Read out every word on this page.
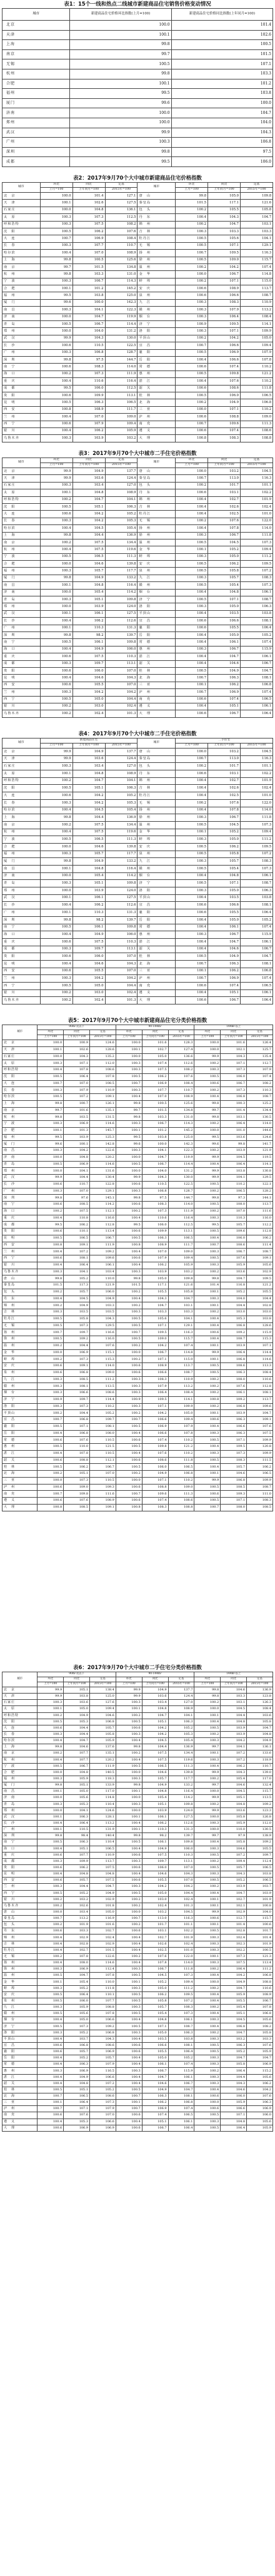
表1：15个一线和热点二线城市新建商品住宅销售价格变动情况
城市	新建商品住宅价格环比指数(上月=100)	新建商品住宅价格同比指数(上年同月=100)
北京	100.0	101.4
天津	100.1	102.6
上海	99.8	100.5
南京	99.7	101.5
无锡	100.5	107.1
杭州	99.8	103.3
合肥	100.1	101.2
福州	99.5	103.8
厦门	99.6	100.0
济南	100.0	104.7
郑州	100.0	104.0
武汉	99.9	104.3
广州	100.3	106.8
深圳	99.8	97.5
成都	99.5	106.0
表2：2017年9月70个大中城市新建商品住宅价格指数
城市	环比	同比	定基	城市	环比	同比	定基
	上月=100	上年同月=100	2015年=100		上月=100	上年同月=100	2015年=100
北　京	100.0	101.4	127.1	唐　山	99.8	105.0	109.8
天　津	100.1	102.6	127.5	秦皇岛	101.5	117.1	121.6
石家庄	100.0	104.8	136.1	包　头	100.2	105.5	105.8
太　原	100.3	107.3	112.5	丹　东	100.4	104.3	104.7
呼和浩特	100.3	107.5	108.2	锦　州	100.2	104.7	103.1
沈　阳	100.5	106.2	107.6	吉　林	100.3	103.3	103.3
大　连	100.7	106.9	108.4	牡丹江	100.5	105.6	104.1
长　春	100.3	107.7	110.7	无　锡	100.5	107.1	129.1
哈尔滨	100.4	107.0	108.9	扬　州	100.7	109.5	116.3
上　海	99.8	100.5	125.6	徐　州	100.5	109.0	115.7
南　京	99.7	101.5	134.8	温　州	100.2	104.2	107.4
杭　州	99.8	103.3	131.0	金　华	100.0	106.7	114.8
宁　波	100.3	106.7	114.3	蚌　埠	100.2	107.1	115.0
合　肥	100.1	101.2	145.2	安　庆	100.6	108.9	113.7
福　州	99.5	103.8	125.0	泉　州	100.6	106.6	108.7
厦　门	99.6	100.0	142.3	九　江	100.3	108.3	110.9
南　昌	100.3	104.1	122.3	赣　州	100.3	107.9	113.2
济　南	100.0	104.7	119.9	烟　台	100.3	106.4	108.4
青　岛	100.5	106.7	114.4	济　宁	100.9	109.5	114.1
郑　州	100.0	104.0	131.2	洛　阳	100.3	107.1	109.9
武　汉	99.9	104.3	130.0	平顶山	100.2	104.2	105.0
长　沙	100.6	110.5	122.5	宜　昌	100.7	106.6	109.4
广　州	100.3	106.8	128.7	襄　阳	100.5	106.9	107.9
深　圳	99.8	97.5	144.7	岳　阳	100.4	106.6	107.8
南　宁	100.6	108.3	114.0	常　德	100.6	107.4	110.2
海　口	100.2	107.3	111.9	惠　州	100.5	109.8	121.2
重　庆	100.4	110.6	116.4	湛　江	100.4	107.6	110.2
成　都	99.5	106.0	112.5	韶　关	100.6	108.6	111.8
贵　阳	100.6	109.9	113.1	桂　林	100.5	106.0	106.5
昆　明	100.5	106.3	106.5	北　海	100.2	104.9	106.8
西　安	100.8	108.9	111.7	三　亚	100.0	107.1	110.2
兰　州	100.4	107.0	109.0	泸　州	100.6	108.8	109.0
西　宁	100.6	107.9	109.4	南　充	100.7	109.6	111.3
银　川	100.4	106.2	105.9	遵　义	100.6	107.4	108.6
乌鲁木齐	100.3	103.9	103.2	大　理	100.8	108.3	108.8
表3：2017年9月70个大中城市二手住宅价格指数
城市	环比	同比	定基	城市	环比	同比	定基
	上月=100	上年同月=100	2015年=100		上月=100	上年同月=100	2015年=100
北　京	99.9	104.9	137.7	唐　山	100.0	103.2	104.5
天　津	99.9	103.6	124.4	秦皇岛	100.7	113.0	116.3
石家庄	100.3	103.4	127.0	包　头	100.2	101.7	101.1
太　原	100.1	104.8	108.9	丹　东	100.6	103.1	102.2
呼和浩特	100.2	104.7	104.1	锦　州	100.4	102.7	101.9
沈　阳	100.5	105.1	106.3	吉　林	100.4	102.6	102.4
大　连	100.6	104.2	105.2	牡丹江	100.4	102.5	101.0
长　春	100.3	104.2	105.3	无　锡	100.2	107.6	122.0
哈尔滨	100.4	104.5	105.4	扬　州	100.4	107.8	114.0
上　海	99.8	104.4	136.9	徐　州	100.3	106.7	111.8
南　京	100.2	107.5	134.4	温　州	100.5	104.5	107.3
杭　州	100.4	107.5	119.6	金　华	100.1	105.2	109.4
宁　波	100.5	106.5	111.3	蚌　埠	100.3	105.0	111.2
合　肥	100.0	104.6	139.8	安　庆	100.5	106.2	109.5
福　州	100.3	105.7	117.7	泉　州	100.5	105.8	107.2
厦　门	99.8	104.9	133.2	九　江	100.3	105.7	108.3
南　昌	100.1	104.8	116.4	赣　州	100.5	105.4	107.3
济　南	100.0	105.4	114.2	烟　台	100.4	104.8	106.1
青　岛	100.3	105.1	109.8	济　宁	100.5	107.1	108.7
郑　州	100.0	103.9	124.0	洛　阳	100.3	105.0	106.3
武　汉	100.1	106.1	127.5	平顶山	100.4	103.5	103.8
长　沙	100.4	106.2	112.6	宜　昌	100.6	106.6	108.1
广　州	100.1	110.3	131.3	襄　阳	100.6	105.5	106.4
深　圳	99.8	98.2	139.7	岳　阳	100.4	105.0	105.2
南　宁	100.5	106.1	109.8	常　德	100.4	106.1	107.4
海　口	100.4	104.9	106.0	惠　州	100.3	106.7	115.9
重　庆	100.6	107.5	110.3	湛　江	100.4	104.7	106.1
成　都	100.3	109.7	113.1	韶　关	100.4	104.6	106.7
贵　阳	100.6	106.0	107.0	桂　林	100.5	104.9	104.7
昆　明	100.4	104.6	104.3	北　海	100.7	106.3	108.1
西　安	100.6	105.5	107.0	三　亚	100.1	106.2	106.8
兰　州	100.3	104.2	104.2	泸　州	100.7	106.9	107.4
西　宁	100.5	105.0	104.4	南　充	100.6	107.4	106.5
银　川	100.2	103.0	102.4	遵　义	100.4	105.1	106.1
乌鲁木齐	100.2	102.4	101.3	大　理	100.6	106.7	106.4
表4：2017年9月70个大中城市二手住宅价格指数
城市	新建商品住宅			城市	二手住宅		
	上月=100	上年同月=100	2015年=100		上月=100	上年同月=100	2015年=100
北　京	99.9	104.9	137.7	唐　山	100.0	103.2	104.5
天　津	99.9	103.6	124.4	秦皇岛	100.7	113.0	116.3
石家庄	100.3	103.4	127.0	包　头	100.2	101.7	101.1
太　原	100.1	104.8	108.9	丹　东	100.6	103.1	102.2
呼和浩特	100.2	104.7	104.1	锦　州	100.4	102.7	101.9
沈　阳	100.5	105.1	106.3	吉　林	100.4	102.6	102.4
大　连	100.6	104.2	105.2	牡丹江	100.4	102.5	101.0
长　春	100.3	104.2	105.3	无　锡	100.2	107.6	122.0
哈尔滨	100.4	104.5	105.4	扬　州	100.4	107.8	114.0
上　海	99.8	104.4	136.9	徐　州	100.3	106.7	111.8
南　京	100.2	107.5	134.4	温　州	100.5	104.5	107.3
杭　州	100.4	107.5	119.6	金　华	100.1	105.2	109.4
宁　波	100.5	106.5	111.3	蚌　埠	100.3	105.0	111.2
合　肥	100.0	104.6	139.8	安　庆	100.5	106.2	109.5
福　州	100.3	105.7	117.7	泉　州	100.5	105.8	107.2
厦　门	99.8	104.9	133.2	九　江	100.3	105.7	108.3
南　昌	100.1	104.8	116.4	赣　州	100.5	105.4	107.3
济　南	100.0	105.4	114.2	烟　台	100.4	104.8	106.1
青　岛	100.3	105.1	109.8	济　宁	100.5	107.1	108.7
郑　州	100.0	103.9	124.0	洛　阳	100.3	105.0	106.3
武　汉	100.1	106.1	127.5	平顶山	100.4	103.5	103.8
长　沙	100.4	106.2	112.6	宜　昌	100.6	106.6	108.1
广　州	100.1	110.3	131.3	襄　阳	100.6	105.5	106.4
深　圳	99.8	98.2	139.7	岳　阳	100.4	105.0	105.2
南　宁	100.5	106.1	109.8	常　德	100.4	106.1	107.4
海　口	100.4	104.9	106.0	惠　州	100.3	106.7	115.9
重　庆	100.6	107.5	110.3	湛　江	100.4	104.7	106.1
成　都	100.3	109.7	113.1	韶　关	100.4	104.6	106.7
贵　阳	100.6	106.0	107.0	桂　林	100.5	104.9	104.7
昆　明	100.4	104.6	104.3	北　海	100.7	106.3	108.1
西　安	100.6	105.5	107.0	三　亚	100.1	106.2	106.8
兰　州	100.3	104.2	104.2	泸　州	100.7	106.9	107.4
西　宁	100.5	105.0	104.4	南　充	100.6	107.4	106.5
银　川	100.2	103.0	102.4	遵　义	100.4	105.1	106.1
乌鲁木齐	100.2	102.4	101.3	大　理	100.6	106.7	106.4
表5：2017年9月70个大中城市新建商品住宅分类价格指数
城市	90m²及以下			90-144m²			144m²以上		
	环比	同比	定基	环比	同比	定基	环比	同比	定基
	上月=100	上年同月=100	2015年=100	上月=100	上年同月=100	2015年=100	上月=100	上年同月=100	2015年=100
北　京	100.0	100.9	124.6	100.0	101.6	128.3	100.0	101.6	126.4
天　津	100.1	102.6	128.6	100.1	102.7	127.4	100.0	102.1	125.7
石家庄	100.0	104.3	135.2	100.0	105.0	136.6	99.9	104.3	135.4
太　原	100.3	107.1	112.0	100.3	107.4	112.6	100.2	107.1	112.7
呼和浩特	100.4	107.8	108.6	100.3	107.5	108.2	100.3	107.3	107.9
沈　阳	100.5	106.4	107.8	100.5	106.2	107.6	100.5	106.0	107.4
大　连	100.7	107.0	108.5	100.7	106.9	108.4	100.6	106.7	108.2
长　春	100.3	107.9	110.9	100.3	107.7	110.7	100.2	107.3	110.3
哈尔滨	100.5	107.2	109.1	100.4	107.0	108.9	100.4	106.8	108.7
上　海	99.8	100.7	126.1	99.8	100.5	125.6	99.8	100.3	125.2
南　京	99.7	101.6	135.1	99.7	101.5	134.8	99.7	101.4	134.4
杭　州	99.8	103.5	131.5	99.8	103.3	131.0	99.8	103.1	130.5
宁　波	100.3	106.9	114.6	100.3	106.7	114.3	100.2	106.4	114.0
合　肥	100.1	101.3	145.7	100.1	101.2	145.2	100.0	101.0	144.6
福　州	99.5	103.9	125.3	99.5	103.8	125.0	99.5	103.6	124.6
厦　门	99.6	100.1	142.8	99.6	100.0	142.3	99.6	99.8	141.7
南　昌	100.3	104.2	122.6	100.3	104.1	122.3	100.2	103.9	121.9
济　南	100.0	104.8	120.2	100.0	104.7	119.9	99.9	104.5	119.5
青　岛	100.5	106.9	114.6	100.5	106.7	114.4	100.4	106.4	114.1
郑　州	100.0	104.1	131.6	100.0	104.0	131.2	99.9	103.8	130.8
武　汉	99.9	104.4	130.4	99.9	104.3	130.0	99.9	104.1	129.5
长　沙	100.6	110.7	122.8	100.6	110.5	122.5	100.5	110.2	122.1
广　州	100.3	107.0	129.1	100.3	106.8	128.7	100.2	106.5	128.2
深　圳	99.8	97.6	145.1	99.8	97.5	144.7	99.8	97.3	144.1
南　宁	100.6	108.5	114.2	100.6	108.3	114.0	100.5	108.0	113.7
海　口	100.2	107.5	112.1	100.2	107.3	111.9	100.2	107.0	111.6
重　庆	100.4	110.8	116.6	100.4	110.6	116.4	100.3	110.3	116.0
成　都	99.5	106.2	112.8	99.5	106.0	112.5	99.5	105.7	112.2
贵　阳	100.6	110.1	113.4	100.6	109.9	113.1	100.5	109.6	112.8
昆　明	100.5	106.5	106.7	100.5	106.3	106.5	100.4	106.0	106.2
西　安	100.8	109.1	111.9	100.8	108.9	111.7	100.7	108.6	111.4
兰　州	100.4	107.2	109.2	100.4	107.0	109.0	100.3	106.7	108.7
西　宁	100.6	108.1	109.6	100.6	107.9	109.4	100.5	107.6	109.1
银　川	100.4	106.4	106.1	100.4	106.2	105.9	100.3	105.9	105.6
乌鲁木齐	100.3	104.1	103.4	100.3	103.9	103.2	100.2	103.6	102.9
唐　山	99.8	105.2	110.0	99.8	105.0	109.8	99.8	104.7	109.5
秦皇岛	101.5	117.3	121.9	101.5	117.1	121.6	101.4	116.8	121.2
包　头	100.2	105.7	106.0	100.2	105.5	105.8	100.1	105.2	105.5
丹　东	100.4	104.5	104.9	100.4	104.3	104.7	100.3	104.0	104.4
锦　州	100.2	104.9	103.3	100.2	104.7	103.1	100.1	104.4	102.8
吉　林	100.3	103.5	103.5	100.3	103.3	103.3	100.2	103.0	103.0
牡丹江	100.5	105.8	104.3	100.5	105.6	104.1	100.4	105.3	103.8
无　锡	100.5	107.3	129.5	100.5	107.1	129.1	100.4	106.8	128.6
扬　州	100.7	109.7	116.6	100.7	109.5	116.3	100.6	109.2	115.9
徐　州	100.5	109.2	116.0	100.5	109.0	115.7	100.4	108.7	115.3
温　州	100.2	104.4	107.6	100.2	104.2	107.4	100.1	103.9	107.1
金　华	100.0	106.9	115.1	100.0	106.7	114.8	99.9	106.4	114.4
蚌　埠	100.2	107.3	115.3	100.2	107.1	115.0	100.1	106.8	114.6
安　庆	100.6	109.1	114.0	100.6	108.9	113.7	100.5	108.6	113.3
泉　州	100.6	106.8	109.0	100.6	106.6	108.7	100.5	106.3	108.4
九　江	100.3	108.5	111.2	100.3	108.3	110.9	100.2	108.0	110.6
赣　州	100.3	108.1	113.5	100.3	107.9	113.2	100.2	107.6	112.8
烟　台	100.3	106.6	108.6	100.3	106.4	108.4	100.2	106.1	108.1
济　宁	100.9	109.7	114.4	100.9	109.5	114.1	100.8	109.2	113.7
洛　阳	100.3	107.3	110.2	100.3	107.1	109.9	100.2	106.8	109.6
平顶山	100.2	104.4	105.2	100.2	104.2	105.0	100.1	103.9	104.7
宜　昌	100.7	106.8	109.7	100.7	106.6	109.4	100.6	106.3	109.1
襄　阳	100.5	107.1	108.1	100.5	106.9	107.9	100.4	106.6	107.6
岳　阳	100.4	106.8	108.0	100.4	106.6	107.8	100.3	106.3	107.5
常　德	100.6	107.6	110.5	100.6	107.4	110.2	100.5	107.1	109.9
惠　州	100.5	110.0	121.5	100.5	109.8	121.2	100.4	109.5	120.8
湛　江	100.4	107.8	110.5	100.4	107.6	110.2	100.3	107.3	109.9
韶　关	100.6	108.8	112.1	100.6	108.6	111.8	100.5	108.3	111.5
桂　林	100.5	106.2	106.7	100.5	106.0	106.5	100.4	105.7	106.2
北　海	100.2	105.1	107.0	100.2	104.9	106.8	100.1	104.6	106.5
三　亚	100.0	107.3	110.5	100.0	107.1	110.2	99.9	106.8	109.9
泸　州	100.6	109.0	109.3	100.6	108.8	109.0	100.5	108.5	108.7
南　充	100.7	109.8	111.6	100.7	109.6	111.3	100.6	109.3	111.0
遵　义	100.6	107.6	108.9	100.6	107.4	108.6	100.5	107.1	108.3
大　理	100.8	108.5	109.1	100.8	108.3	108.8	100.7	108.0	108.5
表6：2017年9月70个大中城市二手住宅分类价格指数
城市	90m²及以下			90-144m²			144m²以上		
	环比	同比	定基	环比	同比	定基	环比	同比	定基
	上月=100	上年同月=100	2015年=100	上月=100	上年同月=100	2015年=100	上月=100	上年同月=100	2015年=100
北　京	99.9	105.1	138.4	99.9	104.9	137.7	99.8	104.6	136.9
天　津	99.9	103.8	125.0	99.9	103.6	124.4	99.8	103.3	123.8
石家庄	100.3	103.6	127.6	100.3	103.4	127.0	100.2	103.1	126.3
太　原	100.1	105.0	109.4	100.1	104.8	108.9	100.0	104.5	108.4
呼和浩特	100.2	104.9	104.6	100.2	104.7	104.1	100.1	104.4	103.6
沈　阳	100.5	105.3	106.8	100.5	105.1	106.3	100.4	104.8	105.8
大　连	100.6	104.4	105.7	100.6	104.2	105.2	100.5	103.9	104.7
长　春	100.3	104.4	105.8	100.3	104.2	105.3	100.2	103.9	104.8
哈尔滨	100.4	104.7	105.9	100.4	104.5	105.4	100.3	104.2	104.9
上　海	99.8	104.6	137.6	99.8	104.4	136.9	99.7	104.1	136.1
南　京	100.2	107.7	135.1	100.2	107.5	134.4	100.1	107.2	133.6
杭　州	100.4	107.7	120.2	100.4	107.5	119.6	100.3	107.2	118.9
宁　波	100.5	106.7	111.9	100.5	106.5	111.3	100.4	106.2	110.7
合　肥	100.0	104.8	140.5	100.0	104.6	139.8	99.9	104.3	139.0
福　州	100.3	105.9	118.3	100.3	105.7	117.7	100.2	105.4	117.0
厦　门	99.8	105.1	133.9	99.8	104.9	133.2	99.7	104.6	132.4
南　昌	100.1	105.0	117.0	100.1	104.8	116.4	100.0	104.5	115.7
济　南	100.0	105.6	114.8	100.0	105.4	114.2	99.9	105.1	113.5
青　岛	100.3	105.3	110.4	100.3	105.1	109.8	100.2	104.8	109.2
郑　州	100.0	104.1	124.6	100.0	103.9	124.0	99.9	103.6	123.3
武　汉	100.1	106.3	128.1	100.1	106.1	127.5	100.0	105.8	126.8
长　沙	100.4	106.4	113.2	100.4	106.2	112.6	100.3	105.9	112.0
广　州	100.1	110.5	131.9	100.1	110.3	131.3	100.0	110.0	130.5
深　圳	99.8	98.4	140.4	99.8	98.2	139.7	99.7	97.9	138.9
南　宁	100.5	106.3	110.4	100.5	106.1	109.8	100.4	105.8	109.2
海　口	100.4	105.1	106.5	100.4	104.9	106.0	100.3	104.6	105.5
重　庆	100.6	107.7	110.9	100.6	107.5	110.3	100.5	107.2	109.7
成　都	100.3	109.9	113.7	100.3	109.7	113.1	100.2	109.4	112.4
贵　阳	100.6	106.2	107.5	100.6	106.0	107.0	100.5	105.7	106.5
昆　明	100.4	104.8	104.8	100.4	104.6	104.3	100.3	104.3	103.8
西　安	100.6	105.7	107.5	100.6	105.5	107.0	100.5	105.2	106.5
兰　州	100.3	104.4	104.7	100.3	104.2	104.2	100.2	103.9	103.7
西　宁	100.5	105.2	104.9	100.5	105.0	104.4	100.4	104.7	103.9
银　川	100.2	103.2	102.9	100.2	103.0	102.4	100.1	102.7	101.9
乌鲁木齐	100.2	102.6	101.8	100.2	102.4	101.3	100.1	102.1	100.8
唐　山	100.0	103.4	105.0	100.0	103.2	104.5	99.9	102.9	104.0
秦皇岛	100.7	113.2	116.9	100.7	113.0	116.3	100.6	112.7	115.7
包　头	100.2	101.9	101.6	100.2	101.7	101.1	100.1	101.4	100.6
丹　东	100.6	103.3	102.7	100.6	103.1	102.2	100.5	102.8	101.7
锦　州	100.4	102.9	102.4	100.4	102.7	101.9	100.3	102.4	101.4
吉　林	100.4	102.8	102.9	100.4	102.6	102.4	100.3	102.3	101.9
牡丹江	100.4	102.7	101.5	100.4	102.5	101.0	100.3	102.2	100.5
无　锡	100.2	107.8	122.6	100.2	107.6	122.0	100.1	107.3	121.3
扬　州	100.4	108.0	114.6	100.4	107.8	114.0	100.3	107.5	113.4
徐　州	100.3	106.9	112.4	100.3	106.7	111.8	100.2	106.4	111.2
温　州	100.5	104.7	107.8	100.5	104.5	107.3	100.4	104.2	106.8
金　华	100.1	105.4	110.0	100.1	105.2	109.4	100.0	104.9	108.8
蚌　埠	100.3	105.2	111.8	100.3	105.0	111.2	100.2	104.7	110.6
安　庆	100.5	106.4	110.1	100.5	106.2	109.5	100.4	105.9	108.9
泉　州	100.5	106.0	107.7	100.5	105.8	107.2	100.4	105.5	106.7
九　江	100.3	105.9	108.8	100.3	105.7	108.3	100.2	105.4	107.8
赣　州	100.5	105.6	107.8	100.5	105.4	107.3	100.4	105.1	106.8
烟　台	100.4	105.0	106.6	100.4	104.8	106.1	100.3	104.5	105.6
济　宁	100.5	107.3	109.2	100.5	107.1	108.7	100.4	106.8	108.2
洛　阳	100.3	105.2	106.8	100.3	105.0	106.3	100.2	104.7	105.8
平顶山	100.4	103.7	104.3	100.4	103.5	103.8	100.3	103.2	103.3
宜　昌	100.6	106.8	108.6	100.6	106.6	108.1	100.5	106.3	107.6
襄　阳	100.6	105.7	106.9	100.6	105.5	106.4	100.5	105.2	105.9
岳　阳	100.4	105.2	105.7	100.4	105.0	105.2	100.3	104.7	104.7
常　德	100.4	106.3	107.9	100.4	106.1	107.4	100.3	105.8	106.9
惠　州	100.3	106.9	116.5	100.3	106.7	115.9	100.2	106.4	115.2
湛　江	100.4	104.9	106.6	100.4	104.7	106.1	100.3	104.4	105.6
韶　关	100.4	104.8	107.2	100.4	104.6	106.7	100.3	104.3	106.2
桂　林	100.5	105.1	105.2	100.5	104.9	104.7	100.4	104.6	104.2
北　海	100.7	106.5	108.6	100.7	106.3	108.1	100.6	106.0	107.6
三　亚	100.1	106.4	107.3	100.1	106.2	106.8	100.0	105.9	106.3
泸　州	100.7	107.1	107.9	100.7	106.9	107.4	100.6	106.6	106.9
南　充	100.6	107.6	107.0	100.6	107.4	106.5	100.5	107.1	106.0
遵　义	100.4	105.3	106.6	100.4	105.1	106.1	100.3	104.8	105.6
大　理	100.6	106.9	106.9	100.6	106.7	106.4	100.5	106.4	105.9
